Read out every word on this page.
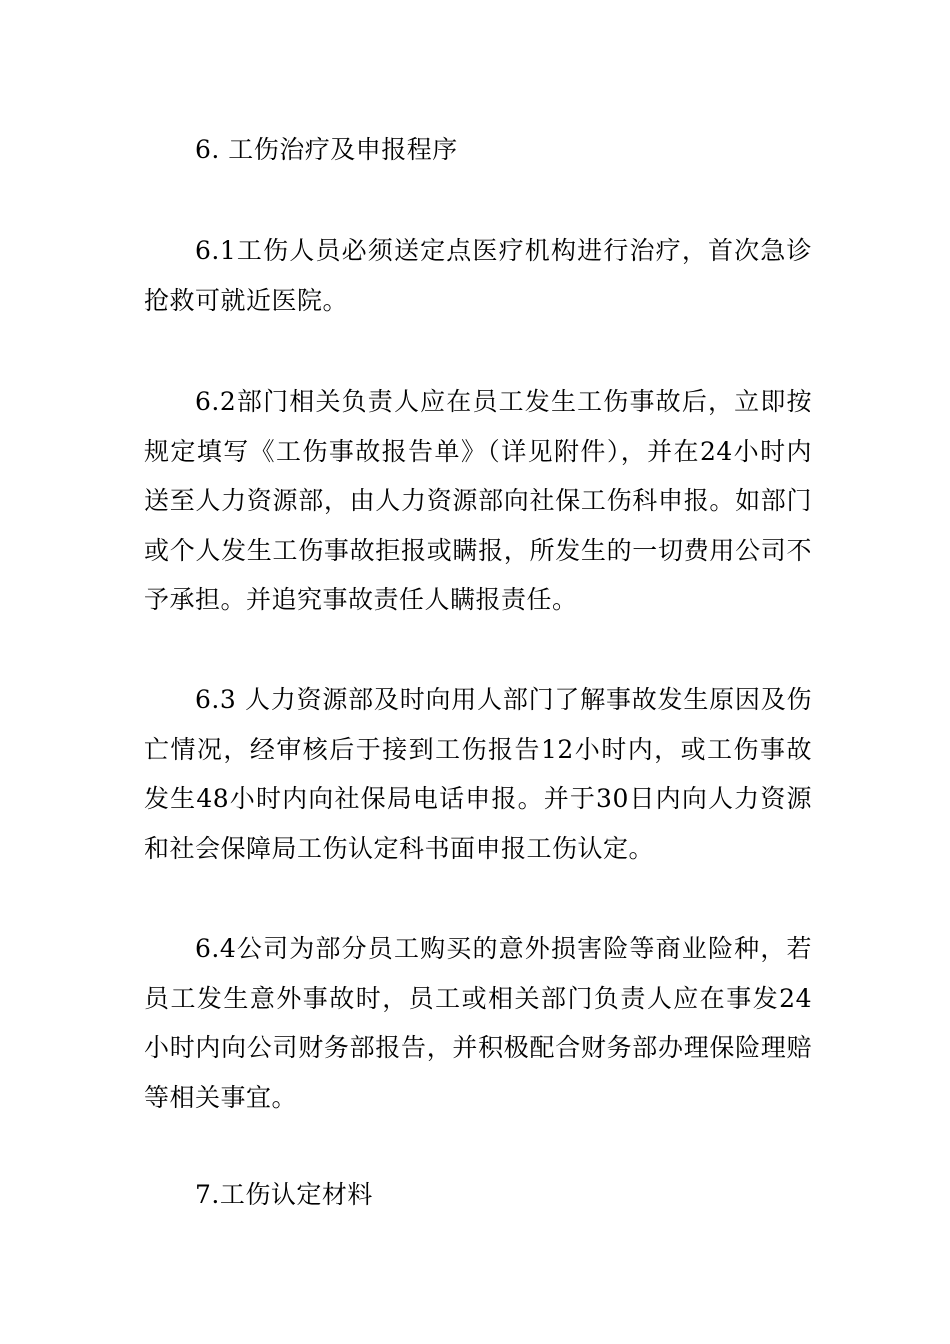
6. 工伤治疗及申报程序
6.1工伤人员必须送定点医疗机构进行治疗，首次急诊抢救可就近医院。
6.2部门相关负责人应在员工发生工伤事故后，立即按规定填写《工伤事故报告单》（详见附件），并在24小时内送至人力资源部，由人力资源部向社保工伤科申报。如部门或个人发生工伤事故拒报或瞒报，所发生的一切费用公司不予承担。并追究事故责任人瞒报责任。
6.3 人力资源部及时向用人部门了解事故发生原因及伤亡情况，经审核后于接到工伤报告12小时内，或工伤事故发生48小时内向社保局电话申报。并于30日内向人力资源和社会保障局工伤认定科书面申报工伤认定。
6.4公司为部分员工购买的意外损害险等商业险种，若员工发生意外事故时，员工或相关部门负责人应在事发24小时内向公司财务部报告，并积极配合财务部办理保险理赔等相关事宜。
7.工伤认定材料
